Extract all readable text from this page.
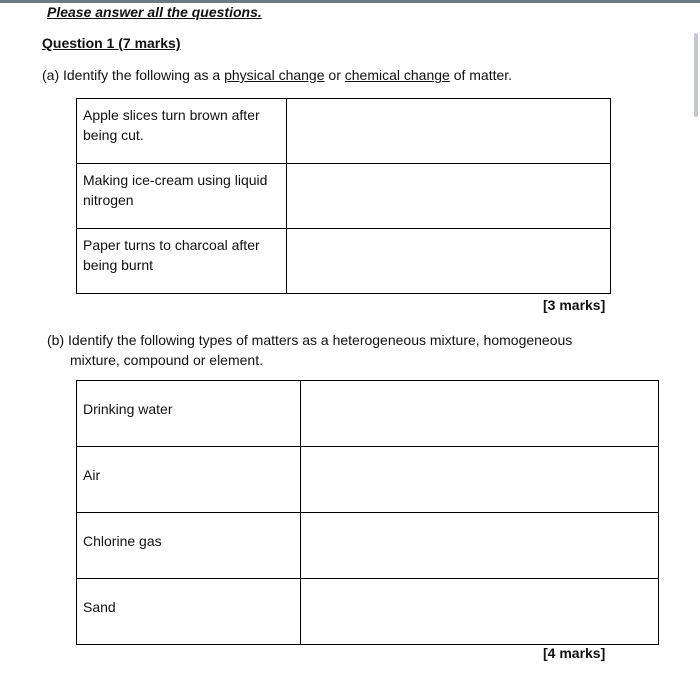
Please answer all the questions.
Question 1 (7 marks)
(a) Identify the following as a physical change or chemical change of matter.
Apple slices turn brown after being cut.	
Making ice-cream using liquid nitrogen	
Paper turns to charcoal after being burnt	
[3 marks]
(b) Identify the following types of matters as a heterogeneous mixture, homogeneous
mixture, compound or element.
Drinking water	
Air	
Chlorine gas	
Sand	
[4 marks]
